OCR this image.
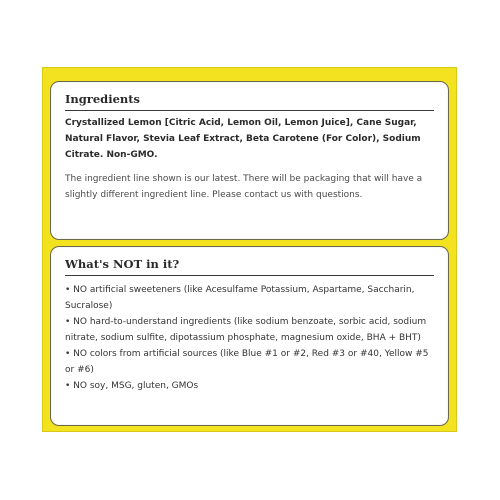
Ingredients

Crystallized Lemon [Citric Acid, Lemon Oil, Lemon Juice], Cane Sugar, Natural Flavor, Stevia Leaf Extract, Beta Carotene (For Color), Sodium Citrate. Non-GMO.

The ingredient line shown is our latest. There will be packaging that will have a slightly different ingredient line. Please contact us with questions.

What's NOT in it?
• NO artificial sweeteners (like Acesulfame Potassium, Aspartame, Saccharin, Sucralose)
• NO hard-to-understand ingredients (like sodium benzoate, sorbic acid, sodium nitrate, sodium sulfite, dipotassium phosphate, magnesium oxide, BHA + BHT)
• NO colors from artificial sources (like Blue #1 or #2, Red #3 or #40, Yellow #5 or #6)
• NO soy, MSG, gluten, GMOs
